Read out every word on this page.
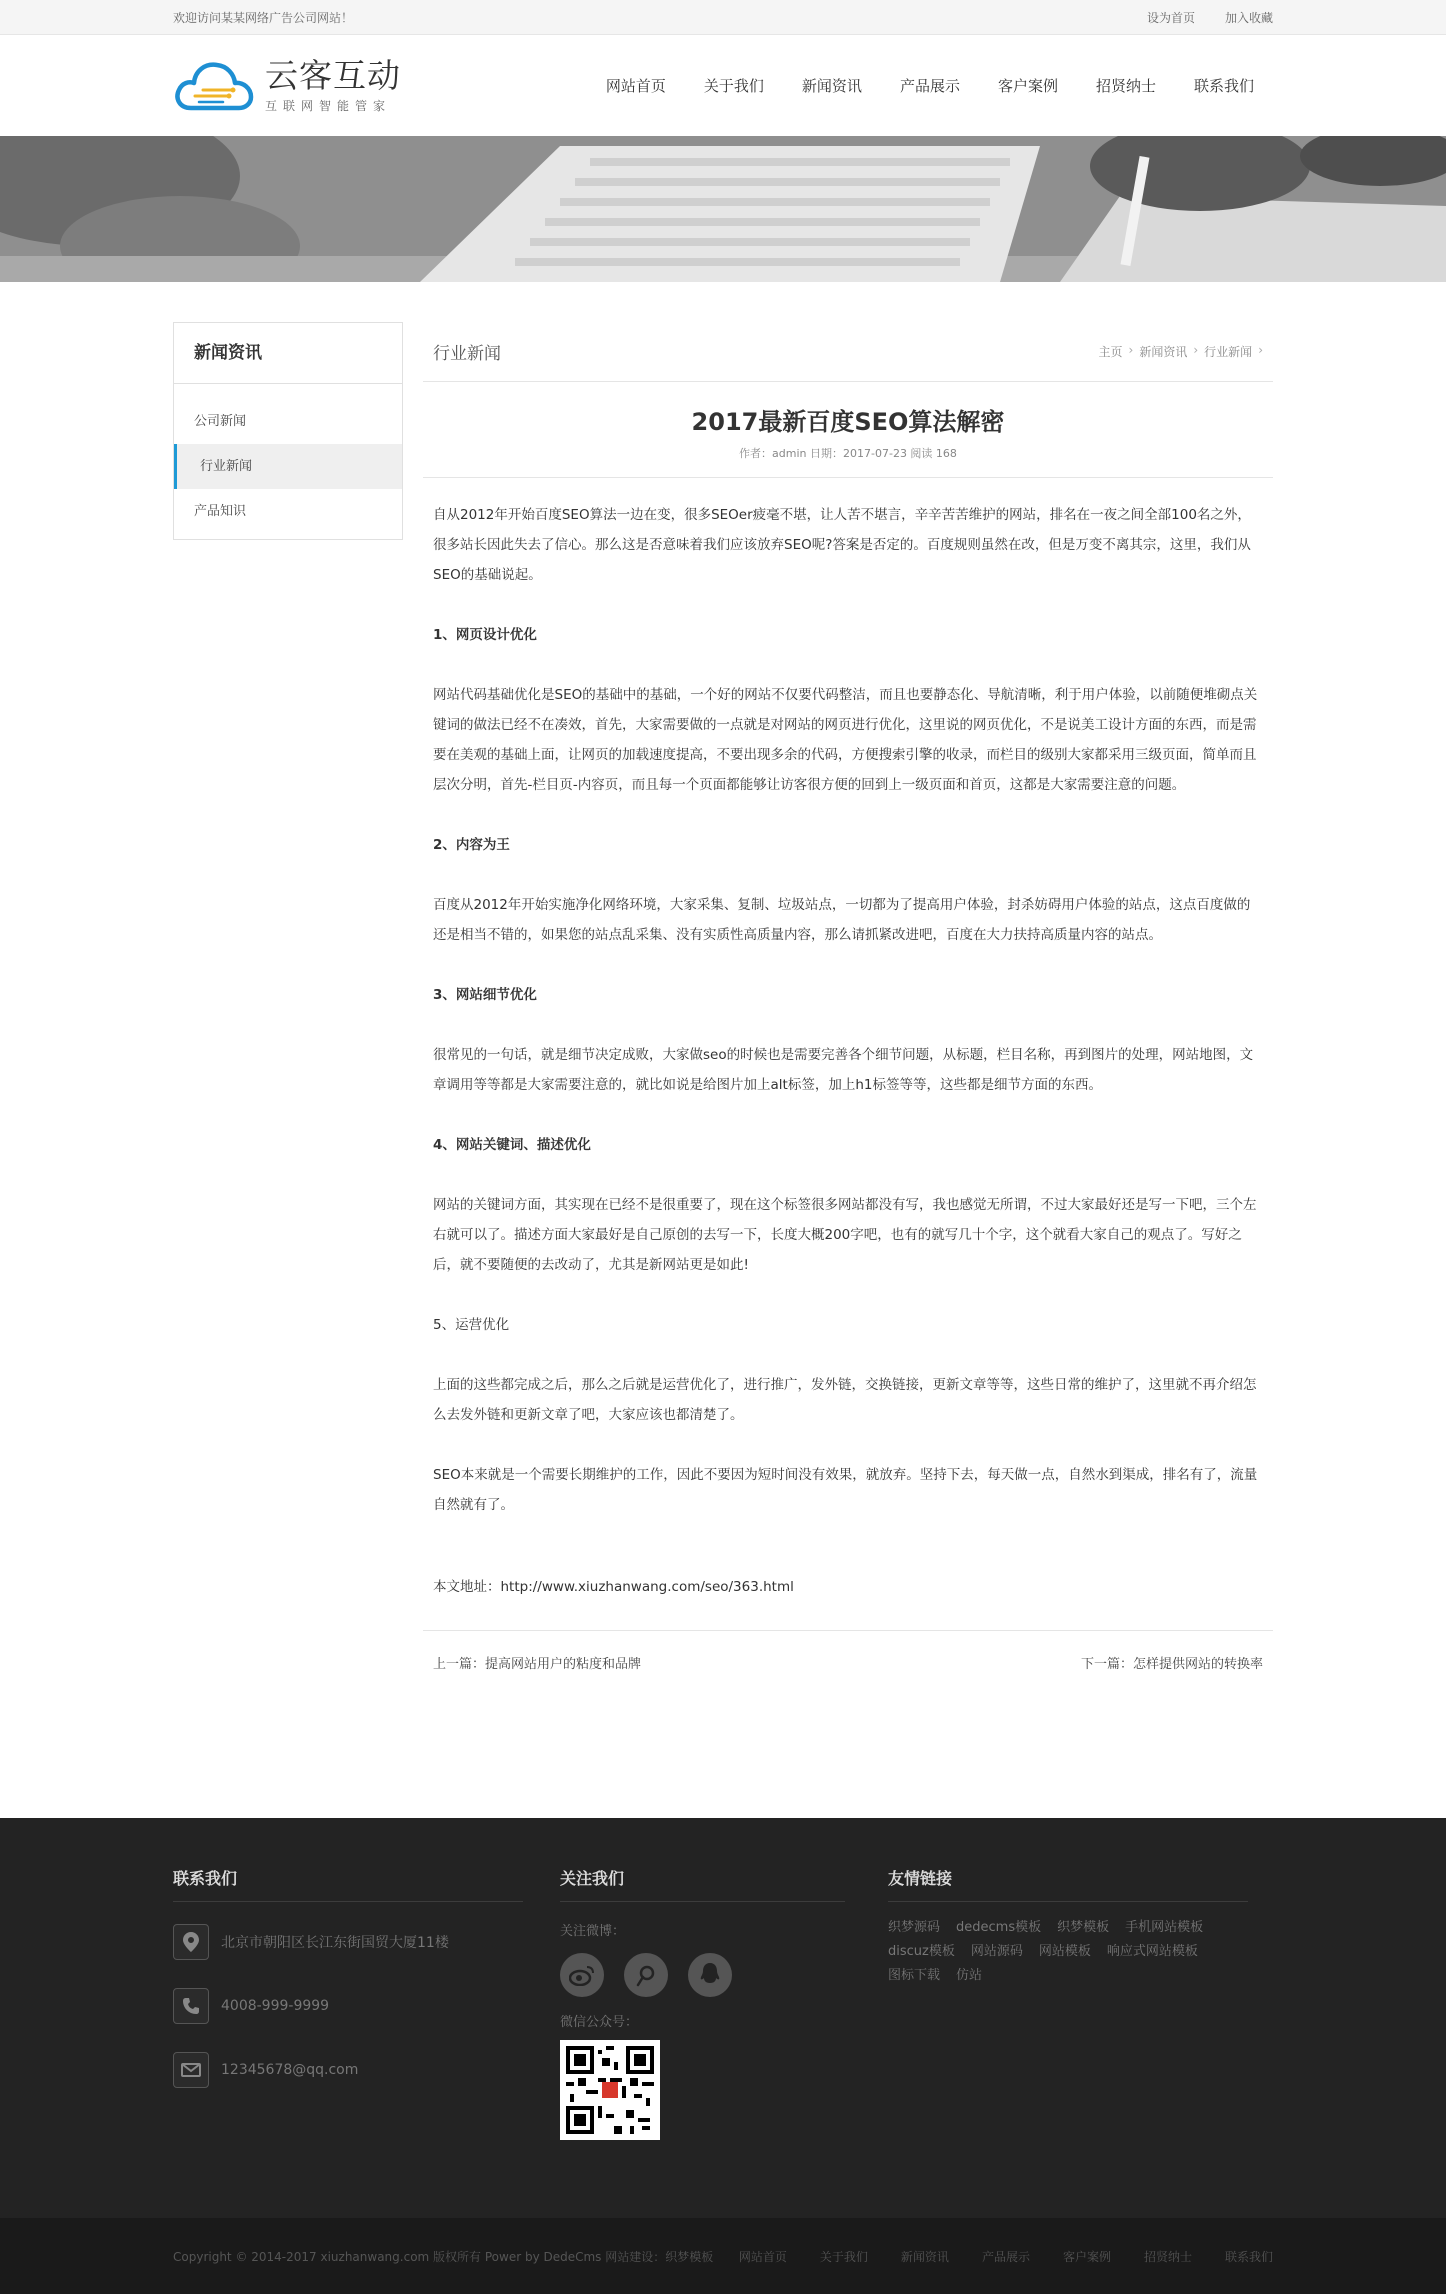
欢迎访问某某网络广告公司网站！	设为首页	加入收藏
云客互动
互联网智能管家
网站首页	关于我们	新闻资讯	产品展示	客户案例	招贤纳士	联系我们
新闻资讯
公司新闻
行业新闻
产品知识
行业新闻	主页 › 新闻资讯 › 行业新闻 ›
2017最新百度SEO算法解密
作者：admin 日期：2017-07-23 阅读 168

自从2012年开始百度SEO算法一边在变，很多SEOer疲毫不堪，让人苦不堪言，辛辛苦苦维护的网站，排名在一夜之间全部100名之外，很多站长因此失去了信心。那么这是否意味着我们应该放弃SEO呢?答案是否定的。百度规则虽然在改，但是万变不离其宗，这里，我们从SEO的基础说起。

1、网页设计优化

网站代码基础优化是SEO的基础中的基础，一个好的网站不仅要代码整洁，而且也要静态化、导航清晰，利于用户体验，以前随便堆砌点关键词的做法已经不在凑效，首先，大家需要做的一点就是对网站的网页进行优化，这里说的网页优化，不是说美工设计方面的东西，而是需要在美观的基础上面，让网页的加载速度提高，不要出现多余的代码，方便搜索引擎的收录，而栏目的级别大家都采用三级页面，简单而且层次分明，首先-栏目页-内容页，而且每一个页面都能够让访客很方便的回到上一级页面和首页，这都是大家需要注意的问题。

2、内容为王

百度从2012年开始实施净化网络环境，大家采集、复制、垃圾站点，一切都为了提高用户体验，封杀妨碍用户体验的站点，这点百度做的还是相当不错的，如果您的站点乱采集、没有实质性高质量内容，那么请抓紧改进吧，百度在大力扶持高质量内容的站点。

3、网站细节优化

很常见的一句话，就是细节决定成败，大家做seo的时候也是需要完善各个细节问题，从标题，栏目名称，再到图片的处理，网站地图，文章调用等等都是大家需要注意的，就比如说是给图片加上alt标签，加上h1标签等等，这些都是细节方面的东西。

4、网站关键词、描述优化

网站的关键词方面，其实现在已经不是很重要了，现在这个标签很多网站都没有写，我也感觉无所谓，不过大家最好还是写一下吧，三个左右就可以了。描述方面大家最好是自己原创的去写一下，长度大概200字吧，也有的就写几十个字，这个就看大家自己的观点了。写好之后，就不要随便的去改动了，尤其是新网站更是如此!

5、运营优化

上面的这些都完成之后，那么之后就是运营优化了，进行推广，发外链，交换链接，更新文章等等，这些日常的维护了，这里就不再介绍怎么去发外链和更新文章了吧，大家应该也都清楚了。

SEO本来就是一个需要长期维护的工作，因此不要因为短时间没有效果，就放弃。坚持下去，每天做一点，自然水到渠成，排名有了，流量自然就有了。

本文地址：http://www.xiuzhanwang.com/seo/363.html

上一篇：提高网站用户的粘度和品牌	下一篇：怎样提供网站的转换率
联系我们
北京市朝阳区长江东街国贸大厦11楼
4008-999-9999
12345678@qq.com
关注我们
关注微博：
微信公众号：
友情链接
织梦源码 dedecms模板 织梦模板 手机网站模板
discuz模板 网站源码 网站模板 响应式网站模板
图标下载 仿站
Copyright © 2014-2017 xiuzhanwang.com 版权所有 Power by DedeCms 网站建设：织梦模板 网站首页	关于我们	新闻资讯	产品展示	客户案例	招贤纳士	联系我们
